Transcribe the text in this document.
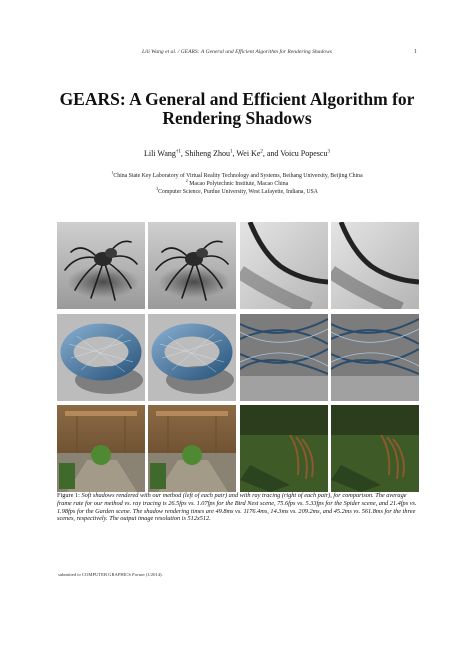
Lili Wang et al. / GEARS: A General and Efficient Algorithm for Rendering Shadows	1
GEARS: A General and Efficient Algorithm for
Rendering Shadows
Lili Wang$^{\dagger 1}$, Shiheng Zhou$^1$, Wei Ke$^2$, and Voicu Popescu$^3$
$^1$China State Key Laboratory of Virtual Reality Technology and Systems, Beihang University, Beijing China
$^2$ Macao Polytechnic Institute, Macao China
$^3$Computer Science, Purdue University, West Lafayette, Indiana, USA
Figure 1: Soft shadows rendered with our method (left of each pair) and with ray tracing (right of each pair), for comparison. The average frame rate for our method vs. ray tracing is 26.5fps vs. 1.07fps for the Bird Nest scene, 75.6fps vs. 5.33fps for the Spider scene, and 21.4fps vs. 1.98fps for the Garden scene. The shadow rendering times are 49.8ms vs. 1176.4ms, 14.3ms vs. 209.2ms, and 45.2ms vs. 561.8ms for the three scenes, respectively. The output image resolution is 512x512.
submitted to COMPUTER GRAPHICS Forum (1/2014).
